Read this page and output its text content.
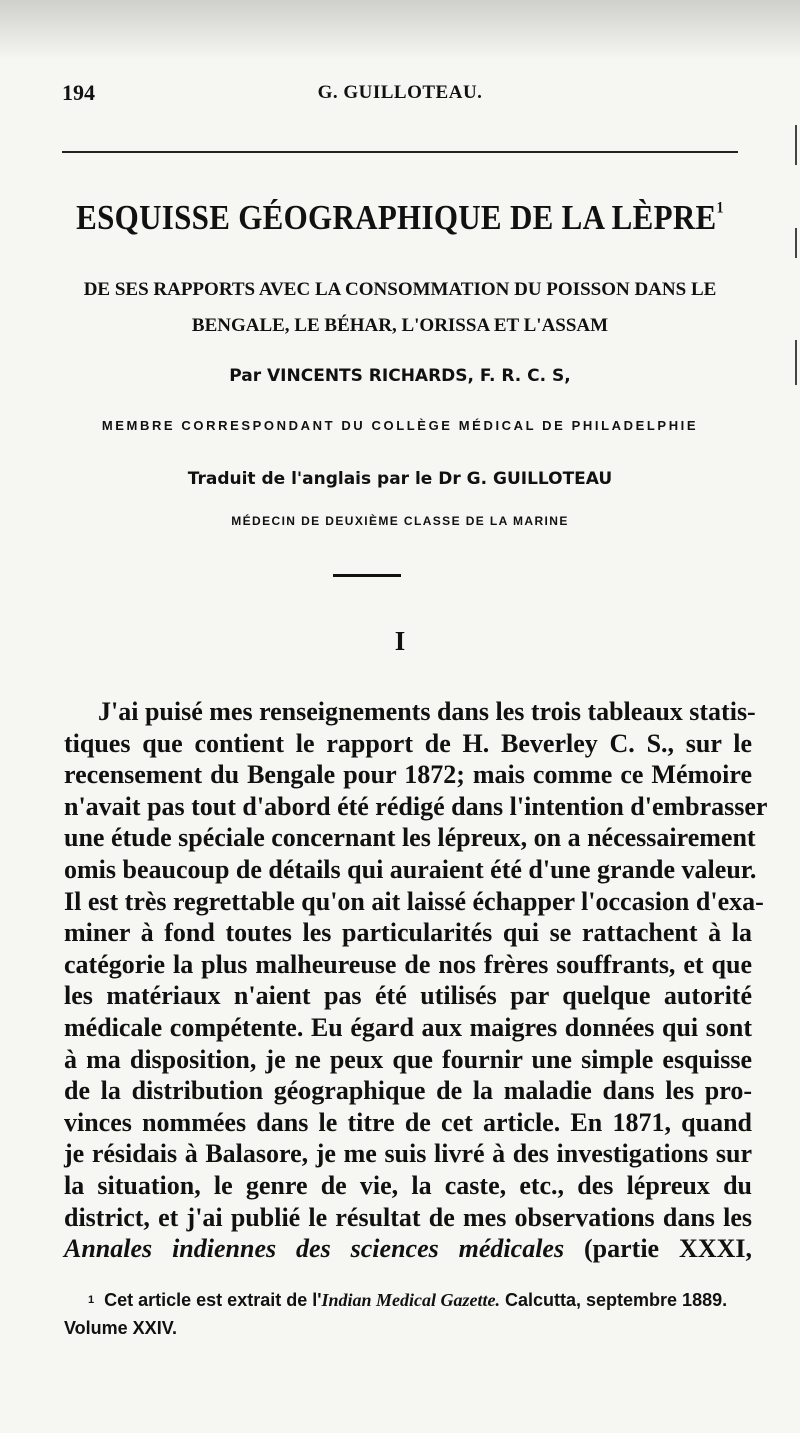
194	G. GUILLOTEAU.
ESQUISSE GÉOGRAPHIQUE DE LA LÈPRE$^1$
DE SES RAPPORTS AVEC LA CONSOMMATION DU POISSON DANS LE
BENGALE, LE BÉHAR, L'ORISSA ET L'ASSAM
Par VINCENTS RICHARDS, F. R. C. S,
MEMBRE CORRESPONDANT DU COLLÈGE MÉDICAL DE PHILADELPHIE
Traduit de l'anglais par le Dr G. GUILLOTEAU
MÉDECIN DE DEUXIÈME CLASSE DE LA MARINE
I
J'ai puisé mes renseignements dans les trois tableaux statis-
tiques que contient le rapport de H. Beverley C. S., sur le
recensement du Bengale pour 1872; mais comme ce Mémoire
n'avait pas tout d'abord été rédigé dans l'intention d'embrasser
une étude spéciale concernant les lépreux, on a nécessairement
omis beaucoup de détails qui auraient été d'une grande valeur.
Il est très regrettable qu'on ait laissé échapper l'occasion d'exa-
miner à fond toutes les particularités qui se rattachent à la
catégorie la plus malheureuse de nos frères souffrants, et que
les matériaux n'aient pas été utilisés par quelque autorité
médicale compétente. Eu égard aux maigres données qui sont
à ma disposition, je ne peux que fournir une simple esquisse
de la distribution géographique de la maladie dans les pro-
vinces nommées dans le titre de cet article. En 1871, quand
je résidais à Balasore, je me suis livré à des investigations sur
la situation, le genre de vie, la caste, etc., des lépreux du
district, et j'ai publié le résultat de mes observations dans les
Annales indiennes des sciences médicales (partie XXXI,
$^1$ Cet article est extrait de l'Indian Medical Gazette. Calcutta, septembre 1889.
Volume XXIV.
